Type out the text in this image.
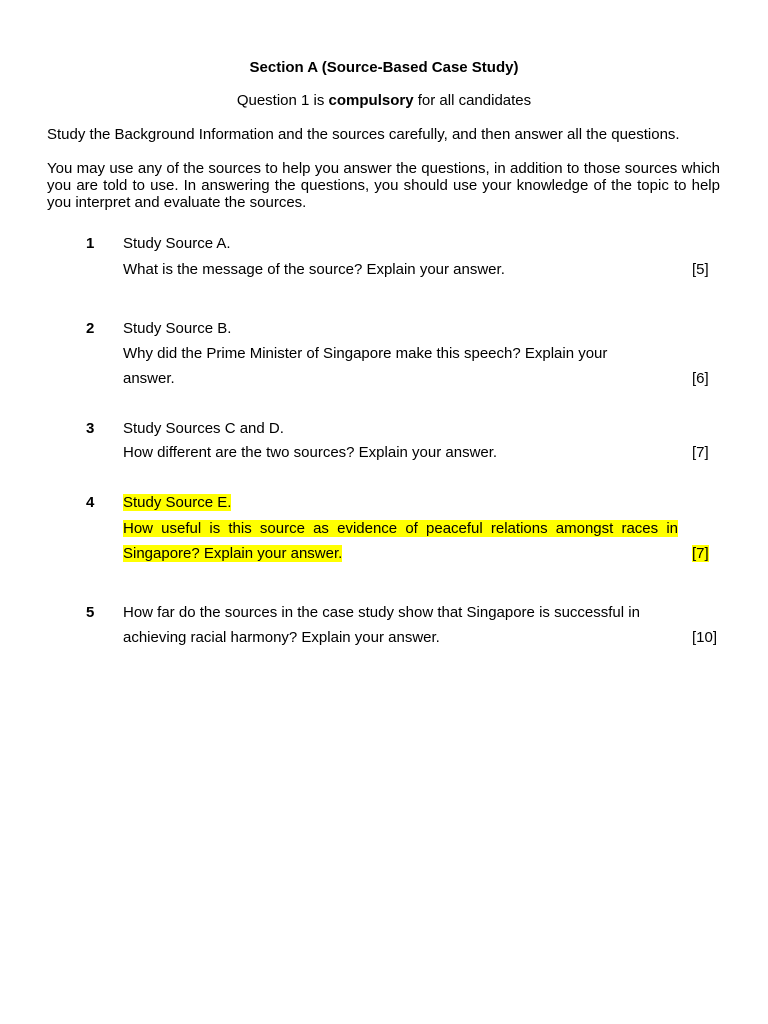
Section A (Source-Based Case Study)
Question 1 is compulsory for all candidates
Study the Background Information and the sources carefully, and then answer all the questions.
You may use any of the sources to help you answer the questions, in addition to those sources which you are told to use. In answering the questions, you should use your knowledge of the topic to help you interpret and evaluate the sources.
1 Study Source A.
What is the message of the source? Explain your answer.	[5]
2 Study Source B.
Why did the Prime Minister of Singapore make this speech? Explain your
answer.	[6]
3 Study Sources C and D.
How different are the two sources? Explain your answer.	[7]
4 Study Source E.
How useful is this source as evidence of peaceful relations amongst races in
Singapore? Explain your answer.	[7]
5 How far do the sources in the case study show that Singapore is successful in
achieving racial harmony? Explain your answer.	[10]
